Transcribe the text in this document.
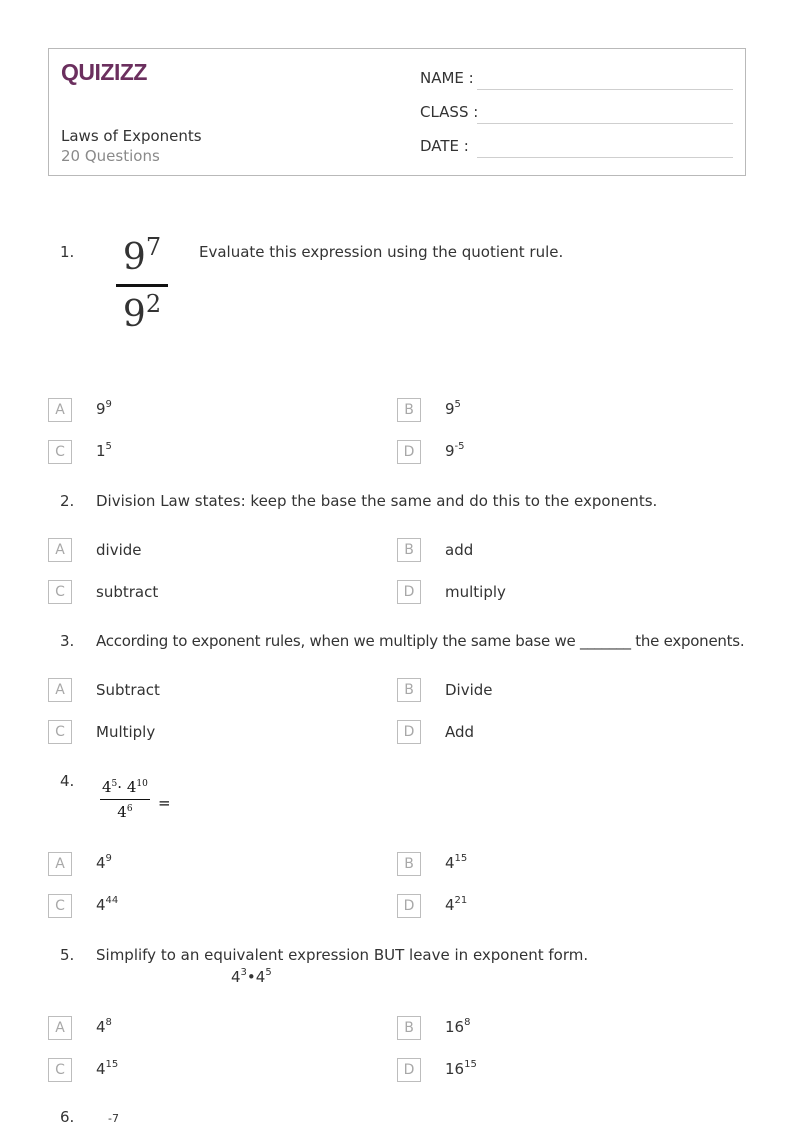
QUIZIZZ
Laws of Exponents
20 Questions
NAME :
CLASS :
DATE :
1.	$9^7$
$9^2$
Evaluate this expression using the quotient rule.
A	$9^9$	B	$9^5$
C	$1^5$	D	$9^{-5}$
2. Division Law states: keep the base the same and do this to the exponents.
A	divide	B	add
C	subtract	D	multiply
3. According to exponent rules, when we multiply the same base we _______ the exponents.
A	Subtract	B	Divide
C	Multiply	D	Add
4. $4^5\cdot 4^{10}$
$4^6$	=
A	$4^9$	B	$4^{15}$
C	$4^{44}$	D	$4^{21}$
5. Simplify to an equivalent expression BUT leave in exponent form.
$4^3•4^5$
A	$4^8$	B	$16^8$
C	$4^{15}$	D	$16^{15}$
6.	-7
